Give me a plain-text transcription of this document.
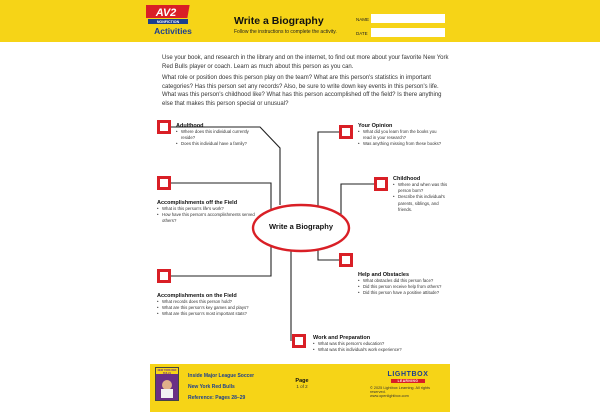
AV2
NONFICTION
Activities
Write a Biography
Follow the instructions to complete the activity.
NAME
DATE
Use your book, and research in the library and on the internet, to find out more about your favorite New York Red Bulls player or coach. Learn as much about this person as you can.
What role or position does this person play on the team? What are this person's statistics in important categories? Has this person set any records? Also, be sure to write down key events in this person's life. What was this person's childhood like? What has this person accomplished off the field? Is there anything else that makes this person special or unusual?
Write a Biography
Adulthood
• Where does this individual currently reside?
• Does this individual have a family?
Your Opinion
• What did you learn from the books you read in your research?
• Was anything missing from these books?
Accomplishments off the Field
• What is this person's life's work?
• How have this person's accomplishments served others?
Childhood
• Where and when was this person born?
• Describe this individual's parents, siblings, and friends.
Help and Obstacles
• What obstacles did this person face?
• Did this person receive help from others?
• Did this person have a positive attitude?
Accomplishments on the Field
• What records does this person hold?
• What are this person's key games and plays?
• What are this person's most important stats?
Work and Preparation
• What was this person's education?
• What was this individual's work experience?
NEW YORK RED BULLS	Inside Major League Soccer
New York Red Bulls
Reference: Pages 28–29
Page
1 of 2
LIGHTBOX
LEARNING
© 2025 Lightbox Learning. All rights reserved.
www.openlightbox.com
